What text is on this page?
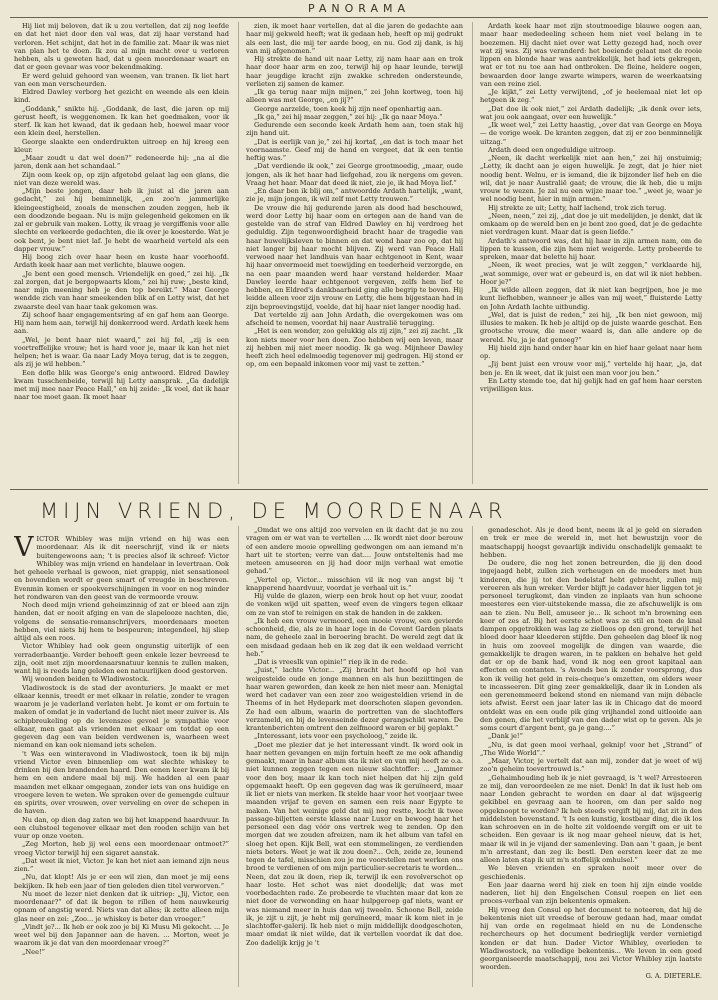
PANORAMA

Hij liet mij beloven, dat ik u zou vertellen, dat zij nog leefde en dat het niet door den val was, dat zij haar verstand had verloren. Het schijnt, dat het in de familie zat. Maar ik was niet van plan het te doen. Ik zou al mijn macht over u verloren hebben, als u geweten had, dat u geen moordenaar waart en dat er geen gevaar was voor bekendmaking.

Er werd geluid gehoord van weenen, van tranen. Ik liet hart van een man verscheurden.

Eldred Dawley verborg het gezicht en weende als een klein kind.

„Goddank,” snikte hij. „Goddank, de last, die jaren op mij gerust heeft, is weggenomen. Ik kan het goedmaken, voor ik sterf. Ik kan het kwaad, dat ik gedaan heb, hoewel maar voor een klein deel, herstellen.

George slaakte een onderdrukten uitroep en hij kreeg een kleur.

„Maar zoudt u dat wel doen?” redeneerde hij: „na al die jaren, denk aan het schandaal.”

Zijn oom keek op, op zijn afgetobd gelaat lag een glans, die niet van deze wereld was.

„Mijn beste jongen, daar heb ik juist al die jaren aan gedacht,” zei hij beminnelijk, „en zoo'n jammerlijke kleingeestigheid, zooals de menschen zouden zeggen, heb ik een doodzonde begaan. Nu is mijn gelegenheid gekomen en ik zal er gebruik van maken. Lotty, ik vraag je vergiffenis voor alle slechte en verkeerde gedachten, die ik over je koesterde. Wat je ook bent, je bent niet laf. Je hebt de waarheid verteld als een dapper vrouw.”

Hij boog zich over haar heen en kuste haar voorhoofd. Ardath keek haar aan met verlichte, blauwe oogen.

„Je bent een goed mensch. Vriendelijk en goed,” zei hij. „Ik zal zorgen, dat je bergopwaarts klom,” zei hij ruw; „beste kind, naar mijn meening heb je den top bereikt.” Maar George wendde zich van haar smeekenden blik af en Letty wist, dat het zwaarste deel van haar taak gekomen was.

Zij schoof haar engagementsring af en gaf hem aan George. Hij nam hem aan, terwijl hij donkerrood werd. Ardath keek hem aan.

„Wel, je bent haar niet waard,” zei hij fel, „zij is een voortreffelijke vrouw; het is hard voor je, maar ik kan het niet helpen; het is waar. Ga naar Lady Moya terug, dat is te zeggen, als zij je wil hebben.”

Een dofle blik was George's enig antwoord. Eldred Dawley kwam tusschenbeide, terwijl hij Letty aansprak. „Ga dadelijk met mij mee naar Peace Hall,” en hij zeide: „Ik voel, dat ik haar naar toe moet gaan. Ik moet haar

zien, ik moet haar vertellen, dat al die jaren de gedachte aan haar mij gekweld heeft; wat ik gedaan heb, heeft op mij gedrukt als een last, die mij ter aarde boog, en nu. God zij dank, is hij van mij afgenomen.”

Hij strekte de hand uit naar Letty, zij nam haar aan en trok haar door haar arm en zoo, terwijl hij op haar leunde, terwijl haar jeugdige kracht zijn zwakke schreden ondersteunde, verlieten zij samen de kamer.

„Ik ga terug naar mijn mijnen,” zei John kortweg, toen hij alleen was met George, „en jij?”

George aarzelde, toen keek hij zijn neef openhartig aan.

„Ik ga,” zei hij maar zeggen,” zei hij: „Ik ga naar Moya.”

Gedurende een seconde keek Ardath hem aan, toen stak hij zijn hand uit.

„Dat is eerlijk van je,” zei hij kortaf, „en dat is toch maar het voornaamste. Geef mij de hand en vergeet, dat ik een tentie heftig was.”

„Dat verdiende ik ook,” zei George grootmoedig, „maar, oude jongen, als ik het haar had liefgehad, zou ik nergens om geven. Vraag het haar. Maar dat deed ik niet, zie je, ik had Moya lief.”

„En daar ben ik blij om,” antwoordde Ardath hartelijk, „want, zie je, mijn jongen, ik wil zelf met Letty trouwen.”

De vrouw die hij gedurende jaren als dood had beschouwd, werd door Letty bij haar oom en ertegen aan de hand van de gestelde van de straf van Eldred Dawley en hij verdroeg het geduldig. Zijn tegenwoordigheid bracht haar de tragedie van haar huwelijksleven te binnen en dat wond haar zoo op, dat hij niet langer bij haar mocht blijven. Zij werd van Peace Hall verwoed naar het landhuis van haar echtgenoot in Kent, waar hij haar onvermoeid met toewijding en teederheid verzorgde, en na een paar maanden werd haar verstand helderder. Maar Dawley leerde haar echtgenoot vergeven, zelfs hem lief te hebben, en Eldred's dankbaarheid ging alle begrip te boven. Hij leidde alleen voor zijn vrouw en Letty, die hem bijgestaan had in zijn beproevingstijd, voelde, dat hij haar niet langer noodig had.

Dat vertelde zij aan John Ardath, die overgekomen was om afscheid te nemen, voordat hij naar Australië terugging.

„Het is een wonder, zoo gelukkig als zij zijn,” zei zij zacht. „Ik kon niets meer voor hen doen. Zoo hebben wij een leven, maar zij hebben mij niet meer noodig. Ik ga weg. Mijnheer Dawley heeft zich heel edelmoedig tegenover mij gedragen. Hij stond er op, om een bepaald inkomen voor mij vast te zetten.”

Ardath keek haar met zijn stoutmoedige blauwe oogen aan, maar haar mededeeling scheen hem niet veel belang in te boezemen. Hij dacht niet over wat Letty gezegd had, noch over wat zij was. Zij was veranderd: het boeiende gelaat met de rooie lippen en blonde haar was aantrekkelijk, het had iets gekregen, wat er tot nu toe aan had ontbroken. De fleine, heldere oogen, bewaarden door lange zwarte wimpers, waren de weerkaatsing van een reine ziel.

„Je kijkt,” zei Letty verwijtend, „of je heelemaal niet let op hetgeen ik zeg.”

„Dat doe ik ook niet,” zei Ardath dadelijk; „ik denk over iets, wat jou ook aangaat, over een huwelijk.”

„Ik weet wel,” zei Letty haastig, „over dat van George en Moya — de vorige week. De kranten zeggen, dat zij er zoo benminnelijk uitzag.”

Ardath deed een ongeduldige uitroep.

„Neen, ik dacht werkelijk niet aan hen,” zei hij onstuimig; „Letty, ik dacht aan je eigen huwelijk. Je zegt, dat je hier niet noodig bent. Welnu, er is iemand, die ik bijzonder lief heb en die wil, dat je naar Australië gaat; de vrouw, die ik heb, die u mijn vrouw te wezen. Je zal nu een wijze maar toe.” „weet je, waar je wel noodig bent, hier in mijn armen.”

Hij strekte ze uit; Letty, half lachend, trok zich terug.

„Neen, neen,” zei zij, „dat doe je uit medelijden, je denkt, dat ik omkaam op de wereld ben en je bent zoo goed, dat je de gedachte niet verdragen kunt. Maar dat is geen liefde.”

Ardath's antwoord was, dat hij haar in zijn armen nam, om de lippen te kussen, die zijn hem niet weigerde. Letty probeerde te spreken, maar dat belette hij haar.

„Neen, ik weet precies, wat je wilt zeggen,” verklaarde hij, „wat sommige, over wat er gebeurd is, en dat wil ik niet hebben. Hoor je?”

„Ik wilde alleen zeggen, dat ik niet kan begrijpen, hoe je me kunt liefhebben, wanneer je alles van mij weet,” fluisterde Letty en John Ardath lachte uitbundig.

„Wel, dat is juist de reden,” zei hij, „Ik ben niet gewoon, mij illusies te maken. Ik heb je altijd op de juiste waarde geschat. Een grootsche vrouw, die meer waard is, dan alle andere op de wereld. Nu, ja je dat genoeg?”

Hij hield zijn hand onder haar kin en hief haar gelaat naar hem op.

„Jij bent juist een vrouw voor mij,” vertelde hij haar, „ja, dat ben je. En ik weet, dat ik juist een man voor jou ben.”

En Letty stemde toe, dat hij gelijk had en gaf hem haar eersten vrijwilligen kus.

MIJN VRIEND, DE MOORDENAAR

VICTOR Whibley was mijn vriend en hij was een moordenaar. Als ik dit neerschrijf, vind ik er niets buitengewoons aan; 't is precies alsof ik schreef: Victor Whibley was mijn vriend en handelaar in levertraan. Ook het geheele verhaal is gewoon, niet grappig, niet sensationeel en bovendien wordt er geen smart of vreugde in beschreven. Evenmin komen er spookverschijningen in voor en nog minder het rondwaren van den geest van de vermoorde vrouw.

Noch deed mijn vriend geheimzinnig of zat er bleed aan zijn handen, dat er nooit afging en van de slapelooze nachten, die, volgens de sensatie-romanschrijvers, moordenaars moeten hebben, viel niets bij hem te bespeuren; integendeel, hij sliep altijd als een roos.

Victor Whibley had ook geen ongunstig uiterlijk of een verraderbaantje. Verder behoeft geen enkele lezer bevreesd te zijn, ooit met zijn moordenaarsnatuur kennis te zullen maken, want hij is reeds lang geleden een natuurlijken dood gestorven.

Wij woonden beiden te Wladiwostock.

Vladiwostock is de stad der avonturiers. Je maakt er met elkaar kennis, treedt er met elkaar in relatie, zonder te vragen waarom je je vaderland verlaten hebt. Je komt er om fortuin te maken of omdat je in vaderland de lucht niet meer zuiver is. Als schipbreukeling op de levenszee gevoel je sympathie voor elkaar, men gaat als vrienden met elkaar om totdat op een gegeven dag een van beiden verdwenen is, waarheen weet niemand en kan ook niemand iets schelen.

't Was een winteravond in Vladiwostock, toen ik bij mijn vriend Victor even binnenliep om wat slechte whiskey te drinken bij den brandenden haard. Den eenen keer kwam ik bij hem en een andere maal bij mij. We hadden al een paar maanden met elkaar omgegaan, zonder iets van ons huidige en vroegere leven te weten. We spraken over de gemengde cultuur en spirits, over vrouwen, over verveling en over de schepen in de haven.

Nu dan, op dien dag zaten we bij het knappend haardvuur. In een clubstoel tegenover elkaar met den rooden schijn van het vuur op onze voeten.

„Zeg Morton, heb jij wel eens een moordenaar ontmoet?” vroeg Victor terwijl hij een sigaret aanstak.

„Dat weet ik niet, Victor. Je kan het niet aan iemand zijn neus zien.”

„Nu, dat klopt! Als je er een wil zien, dan moet je mij eens bekijken. Ik heb een jaar of tien geleden dien titel verworven.”

Nu moet de lezer niet denken dat ik uitriep: „Jij, Victor, een moordenaar?” of dat ik begon te rillen of hem nauwkeurig opnam of angstig werd. Niets van dat alles; ik zette alleen mijn glas neer en zei: „Zoo... je whiskey is beter dan vroeger.”

„Vindt je?... Ik heb er ook zoo je bij Ki Musu Mi gekocht. ... Je weet wel bij den Japanner aan de haven. ... Morton, weet je waarom ik je dat van den moordenaar vroeg?”

„Nee!”

„Omdat we ons altijd zoo vervelen en ik dacht dat je nu zou vragen om er wat van te vertellen .... Ik wordt niet door berouw of een andere mooie opwelling gedwongen om aan iemand m'n hart uit te storten; verre van dat.... Jouw ontsteltenis had me meteen amuseeren en jij had door mijn verhaal wat emotie gehad.”

„Vertel op, Victor... misschien vil ik nog van angst bij 't knapperend haardvuur, voordat je verhaal uit is.”

Hij vulde de glazen, wierp een brok hout op het vuur, zoodat de vonken wijd uit spatten, weef even de vingers tegen elkaar om ze van stof te reinigen en stak de handen in de zakken.

„Ik heb een vrouw vermoord, een mooie vrouw, een gevierde schoonheid, die, als ze in haar loge in de Covent Garden plaats nam, de geheele zaal in beroering bracht. De wereld zegt dat ik een misdaad gedaan heb en ik zeg dat ik een weldaad verricht heb.”

„Dat is vreesIk van opinie!” riep ik in de rede.

„Juist,” lachte Victor... „Zij bracht het hoofd op hol van weigesteide oude en jonge mannen en als hun beziittingen de haar waren geworden, dan keek ze hen niet meer aan. Menigtal werd het cadaver van een zeer zoo weigesteldien vriend in de Theems of in het Hydepark met doorschoten slapen gevonden. Ze had een album, waarin de portretten van de slachtoffers verzameld, en bij de levenseinde dezer gerangschikt waren. De krantenberichten omtrent den zelfmoord waren er bij geplakt.”

„Interessant, iets voor een psycholoog,” zeide ik.

„Doet me plezier dat je het interessant vindt. Ik word ook in haar netten gevangen en mijn fortuin heeft ze me ook afhandig gemaakt, maar in haar album sta ik niet en van mij heeft ze o.a. niet kunnen zeggen tegen een nieuw slachtoffer: ... „Jammer voor den boy, maar ik kan toch niet helpen dat hij zijn geld opgemaakt heeft. Op een gegeven dag was ik geruïneerd, maar ik liet er niets van merken. Ik stelde haar voor het voorjaar twee maanden vrijaf te geven en samen een reis naar Egypte te maken. Van het weinige geld dat mij nog restte, kocht ik twee passage-biljetten eerste klasse naar Luxor en bewoog haar het personeel een dag vóór ons vertrek weg te zenden. Op den morgen dat we zouden afreizen, nam ik het album van tafel en sloeg het open. Kijk Bell, wat een stommelingen, ze verdienden niets beters. Weet je wat ik zou doen?... Och, zeide ze, leunend tegen de tafel, misschien zou je me voorstellen met werken ons brood te verdienen of om mijn particulier-secretaris te worden... Neen, dat zou ik doen, riep ik, terwijl ik een revolverschot op haar loste. Het schot was niet doodelijk; dat was met voorbedachten rade. Ze probeerde te vluchten maar dat kon ze niet door de verwonding en haar hulpgeroep gaf niets, want er was niemand meer in huis dan wij tweeën. Schoone Bell, zeide ik, je zijt u zijt, je hebt mij geruïneerd, maar ik kom niet in je slachtoffer-galerij. Ik heb niet o mijn middellijk doodgeschoten, maar omdat ik niet wilde, dat ik vertellen voordat ik dat doe. Zoo dadelijk krijg je 't

genadeschot. Als je dood bent, neem ik al je geld en sieraden en trek er mee de wereld in, met het bewustzijn voor de maatschappij hoogst gevaarlijk individu onschadelijk gemaakt te hebben.

De oudere, die nog het zonen betreurden, die jij den dood ingejaagd hebt, zullen zich verheugen en de moeders met hun kinderen, die jij tot den bedelstaf hebt gebracht, zullen mij vereeren als hun wreker. Verder blijft je cadaver hier liggen tot je personeel terugkomt, dan vinden ze inplaats van hun schoone meesteres een vier-uitstekende massa, die ze afschuwelijk is om aan te zien. Nu Bell, amuseer je... Ik schoot m'n browning een keer of zes af. Bij het eerste schot was ze stil en toen de knal dampen opgetrokken was lag ze zielloos op den grond, terwijl het bloed door haar kleederen stijfde. Den geheelen dag bleef ik nog in huis om zooveel mogelijk de dingen van waarde, die gemakkelijk te dragen waren, in te pakken en behalve het geld dat er op de bank had, vond ik nog een groot kapitaal aan effecten en contanten. 's Avonds ben ik zonder voorsprong, dus kon ik veilig het geld in reis-cheque's omzetten, om elders weer te incasseeren. Dit ging zeer gemakkelijk, daar ik in Londen als een gerenommeerd bekend stond en niemand van mijn débacle iets afwist. Eerst een jaar later las ik in Chicago dat de moord ontdekt was en een oude pik ging vrijhandel zond uitlooide aan den genen, die het verblijf van den dader wist op te geven. Als je soms court d'argent bent, ga je gang....”

„Dank je!”

„Nu, is dat geen mooi verhaal, geknip! voor het „Strand” of „The Wide World”.”

„Maar, Victor, je vertelt dat aan mij, zonder dat je weet of wij zoo'n geheim toevertrouwd is.”

„Gehaimhouding heb ik je niet gevraagd, is 't wel? Arresteeren ze mij, dan veroordeelen ze me niet. Denk! In dat ik lust heb om naar Londen gebracht te worden en daar al dat wijsgeerig gekibbel en gevraag aan te hooren, om dan per saldo nog opgeknoopt te worden? Ik heb steeds vergift bij mij, dat zit in den middelsten bovenstand. 't Is een kunstig, kostbaar ding, die ik los kan schroeven en in de holte zit voldoende vergift om er uit te scheiden. Een gevaar is ik nog maar geheel nieuw, dat is het, maar ik wil in je vijand der samenleving. Dan aan 't gaan, je bent m'n arrestant, dan zeg ik: bestl. Den eersten keer dat ze me alleen laten stap ik uit m'n stoffelijk omhulsel.”

We bleven vrienden en spraken nooit meer over de geschiedenis.

Een jaar daarna werd hij ziek en toen hij zijn einde voelde naderen, liet hij den Engelschen Consul roepen en liet een proces-verbaal van zijn bekentenis opmaken.

Hij vroeg den Consul op het document te noteeren, dat hij de bekentenis niet uit vreedse of berouw gedaan had, maar omdat hij van orde en regelmaat hield en nu de Londensche rechercheurs op het document bedrieglijk verder vernietigd konden er dat hun. Dader Victor Whibley, overleden te Wladiwostock, na volledige bekentenis... We leven in een goed georganiseerde maatschappij, nou zei Victor Whibley zijn laatste woorden.

G. A. DIETERLE.
